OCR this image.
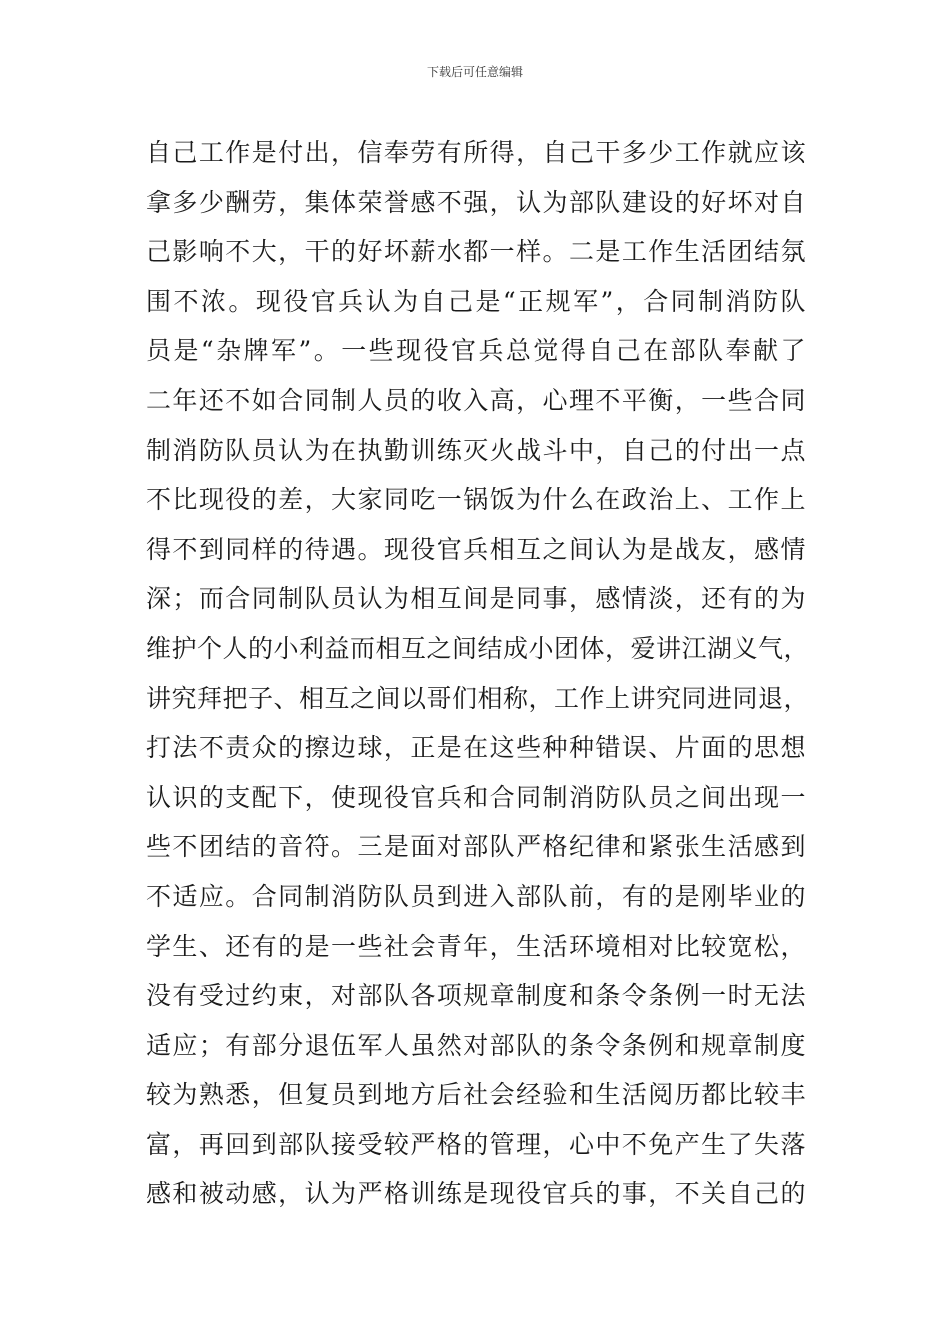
下载后可任意编辑
自己工作是付出，信奉劳有所得，自己干多少工作就应该
拿多少酬劳，集体荣誉感不强，认为部队建设的好坏对自
己影响不大，干的好坏薪水都一样。二是工作生活团结氛
围不浓。现役官兵认为自己是“正规军”，合同制消防队
员是“杂牌军”。一些现役官兵总觉得自己在部队奉献了
二年还不如合同制人员的收入高，心理不平衡，一些合同
制消防队员认为在执勤训练灭火战斗中，自己的付出一点
不比现役的差，大家同吃一锅饭为什么在政治上、工作上
得不到同样的待遇。现役官兵相互之间认为是战友，感情
深；而合同制队员认为相互间是同事，感情淡，还有的为
维护个人的小利益而相互之间结成小团体，爱讲江湖义气，
讲究拜把子、相互之间以哥们相称，工作上讲究同进同退，
打法不责众的擦边球，正是在这些种种错误、片面的思想
认识的支配下，使现役官兵和合同制消防队员之间出现一
些不团结的音符。三是面对部队严格纪律和紧张生活感到
不适应。合同制消防队员到进入部队前，有的是刚毕业的
学生、还有的是一些社会青年，生活环境相对比较宽松，
没有受过约束，对部队各项规章制度和条令条例一时无法
适应；有部分退伍军人虽然对部队的条令条例和规章制度
较为熟悉，但复员到地方后社会经验和生活阅历都比较丰
富，再回到部队接受较严格的管理，心中不免产生了失落
感和被动感，认为严格训练是现役官兵的事，不关自己的
